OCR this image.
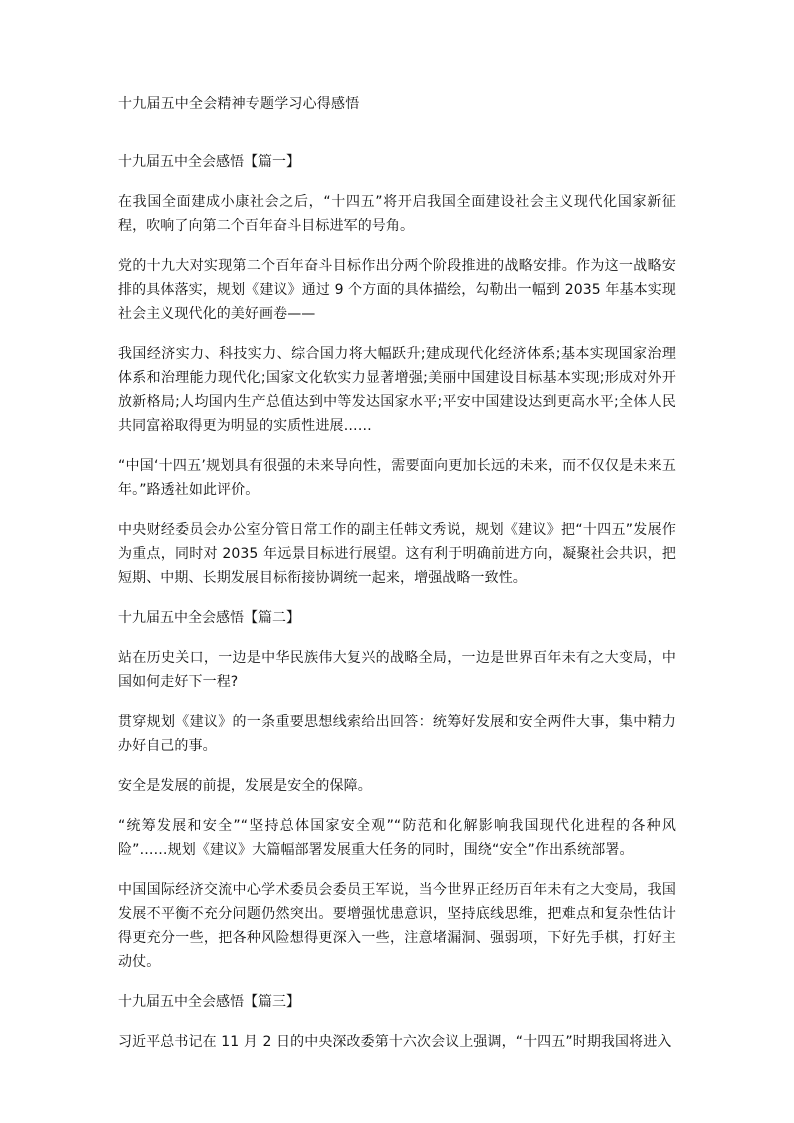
十九届五中全会精神专题学习心得感悟
十九届五中全会感悟【篇一】

在我国全面建成小康社会之后，“十四五”将开启我国全面建设社会主义现代化国家新征程，吹响了向第二个百年奋斗目标进军的号角。

党的十九大对实现第二个百年奋斗目标作出分两个阶段推进的战略安排。作为这一战略安排的具体落实，规划《建议》通过 9 个方面的具体描绘，勾勒出一幅到 2035 年基本实现社会主义现代化的美好画卷——

我国经济实力、科技实力、综合国力将大幅跃升;建成现代化经济体系;基本实现国家治理体系和治理能力现代化;国家文化软实力显著增强;美丽中国建设目标基本实现;形成对外开放新格局;人均国内生产总值达到中等发达国家水平;平安中国建设达到更高水平;全体人民共同富裕取得更为明显的实质性进展……

“中国‘十四五’规划具有很强的未来导向性，需要面向更加长远的未来，而不仅仅是未来五年。”路透社如此评价。

中央财经委员会办公室分管日常工作的副主任韩文秀说，规划《建议》把“十四五”发展作为重点，同时对 2035 年远景目标进行展望。这有利于明确前进方向，凝聚社会共识，把短期、中期、长期发展目标衔接协调统一起来，增强战略一致性。

十九届五中全会感悟【篇二】

站在历史关口，一边是中华民族伟大复兴的战略全局，一边是世界百年未有之大变局，中国如何走好下一程?

贯穿规划《建议》的一条重要思想线索给出回答：统筹好发展和安全两件大事，集中精力办好自己的事。

安全是发展的前提，发展是安全的保障。

“统筹发展和安全”“坚持总体国家安全观”“防范和化解影响我国现代化进程的各种风险”……规划《建议》大篇幅部署发展重大任务的同时，围绕“安全”作出系统部署。

中国国际经济交流中心学术委员会委员王军说，当今世界正经历百年未有之大变局，我国发展不平衡不充分问题仍然突出。要增强忧患意识，坚持底线思维，把难点和复杂性估计得更充分一些，把各种风险想得更深入一些，注意堵漏洞、强弱项，下好先手棋，打好主动仗。

十九届五中全会感悟【篇三】

习近平总书记在 11 月 2 日的中央深改委第十六次会议上强调，“十四五”时期我国将进入
